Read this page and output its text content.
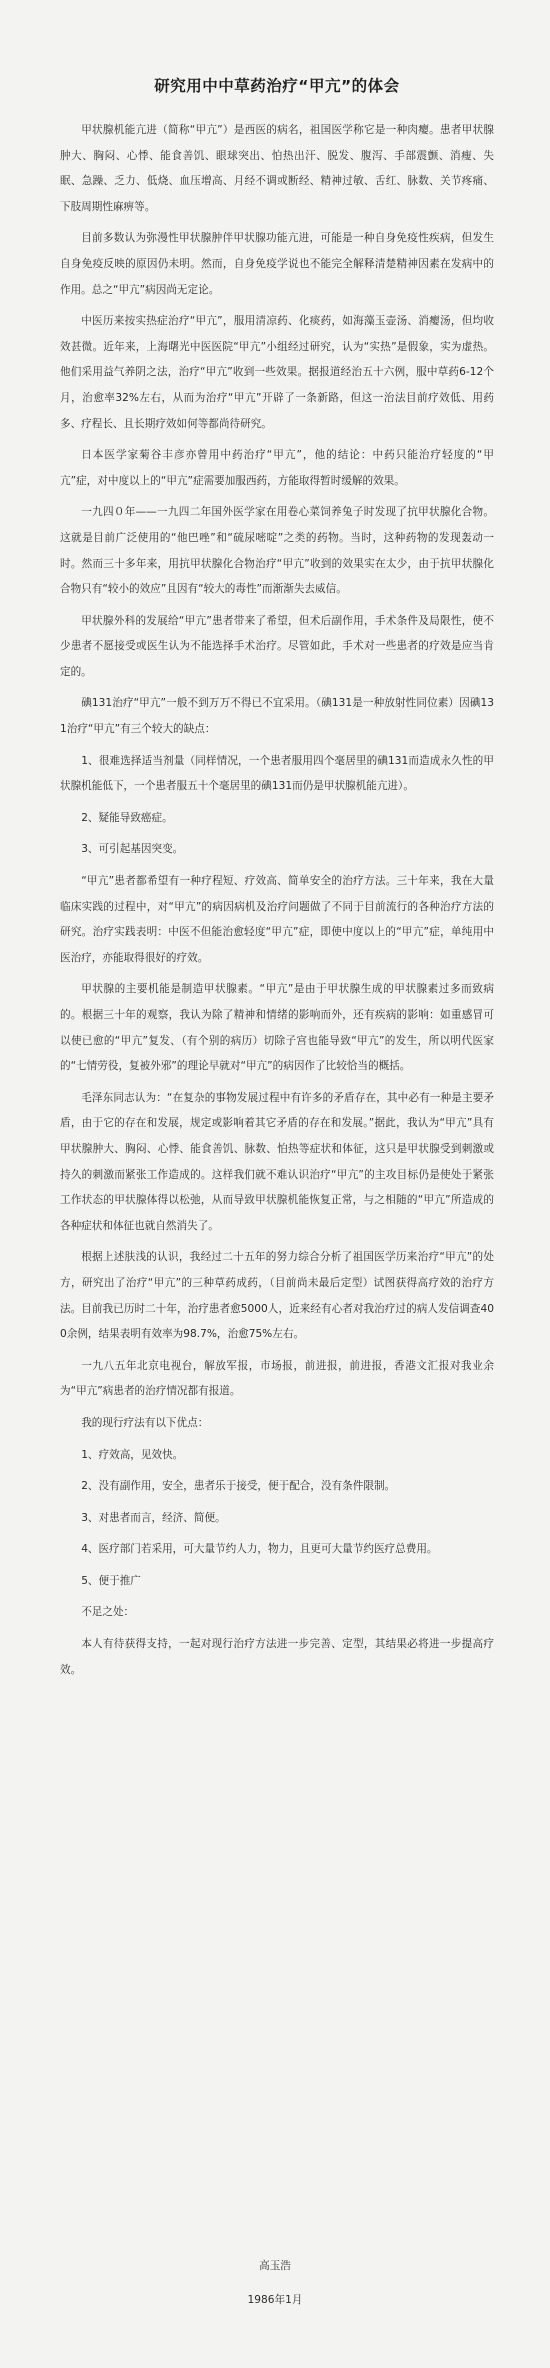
研究用中中草药治疗“甲亢”的体会

甲状腺机能亢进（简称“甲亢”）是西医的病名，祖国医学称它是一种肉瘿。患者甲状腺肿大、胸闷、心悸、能食善饥、眼球突出、怕热出汗、脱发、腹泻、手部震颤、消瘦、失眠、急躁、乏力、低烧、血压增高、月经不调或断经、精神过敏、舌红、脉数、关节疼痛、下肢周期性麻痹等。

目前多数认为弥漫性甲状腺肿伴甲状腺功能亢进，可能是一种自身免疫性疾病，但发生自身免疫反映的原因仍未明。然而，自身免疫学说也不能完全解释清楚精神因素在发病中的作用。总之“甲亢”病因尚无定论。

中医历来按实热症治疗“甲亢”，服用清凉药、化痰药，如海藻玉壶汤、消瘿汤，但均收效甚微。近年来，上海曙光中医医院“甲亢”小组经过研究，认为“实热”是假象，实为虚热。他们采用益气养阴之法，治疗“甲亢”收到一些效果。据报道经治五十六例，服中草药6-12个月，治愈率32%左右，从而为治疗“甲亢”开辟了一条新路，但这一治法目前疗效低、用药多、疗程长、且长期疗效如何等都尚待研究。

日本医学家菊谷丰彦亦曾用中药治疗“甲亢”，他的结论：中药只能治疗轻度的“甲亢”症，对中度以上的“甲亢”症需要加服西药，方能取得暂时缓解的效果。

一九四０年——一九四二年国外医学家在用卷心菜饲养兔子时发现了抗甲状腺化合物。这就是目前广泛使用的“他巴唑”和“硫尿嘧啶”之类的药物。当时，这种药物的发现轰动一时。然而三十多年来，用抗甲状腺化合物治疗“甲亢”收到的效果实在太少，由于抗甲状腺化合物只有“较小的效应”且因有“较大的毒性”而渐渐失去威信。

甲状腺外科的发展给“甲亢”患者带来了希望，但术后副作用，手术条件及局限性，使不少患者不愿接受或医生认为不能选择手术治疗。尽管如此，手术对一些患者的疗效是应当肯定的。

碘131治疗“甲亢”一般不到万万不得已不宜采用。（碘131是一种放射性同位素）因碘131治疗“甲亢”有三个较大的缺点：

1、很难选择适当剂量（同样情况，一个患者服用四个毫居里的碘131而造成永久性的甲状腺机能低下，一个患者服五十个毫居里的碘131而仍是甲状腺机能亢进）。

2、疑能导致癌症。

3、可引起基因突变。

“甲亢”患者都希望有一种疗程短、疗效高、简单安全的治疗方法。三十年来，我在大量临床实践的过程中，对“甲亢”的病因病机及治疗问题做了不同于目前流行的各种治疗方法的研究。治疗实践表明：中医不但能治愈轻度“甲亢”症，即使中度以上的“甲亢”症，单纯用中医治疗，亦能取得很好的疗效。

甲状腺的主要机能是制造甲状腺素。“甲亢”是由于甲状腺生成的甲状腺素过多而致病的。根据三十年的观察，我认为除了精神和情绪的影响而外，还有疾病的影响：如重感冒可以使已愈的“甲亢”复发、（有个别的病历）切除子宫也能导致“甲亢”的发生，所以明代医家的“七情劳役，复被外邪”的理论早就对“甲亢”的病因作了比较恰当的概括。

毛泽东同志认为：“在复杂的事物发展过程中有许多的矛盾存在，其中必有一种是主要矛盾，由于它的存在和发展，规定或影响着其它矛盾的存在和发展。”据此，我认为“甲亢”具有甲状腺肿大、胸闷、心悸、能食善饥、脉数、怕热等症状和体征，这只是甲状腺受到刺激或持久的刺激而紧张工作造成的。这样我们就不难认识治疗“甲亢”的主攻目标仍是使处于紧张工作状态的甲状腺体得以松弛，从而导致甲状腺机能恢复正常，与之相随的“甲亢”所造成的各种症状和体征也就自然消失了。

根据上述肤浅的认识，我经过二十五年的努力综合分析了祖国医学历来治疗“甲亢”的处方，研究出了治疗“甲亢”的三种草药成药，（目前尚未最后定型）试图获得高疗效的治疗方法。目前我已历时二十年，治疗患者愈5000人，近来经有心者对我治疗过的病人发信调查400余例，结果表明有效率为98.7%，治愈75%左右。

一九八五年北京电视台，解放军报，市场报，前进报，前进报，香港文汇报对我业余为“甲亢”病患者的治疗情况都有报道。

我的现行疗法有以下优点：

1、疗效高，见效快。

2、没有副作用，安全，患者乐于接受，便于配合，没有条件限制。

3、对患者而言，经济、简便。

4、医疗部门若采用，可大量节约人力，物力，且更可大量节约医疗总费用。

5、便于推广

不足之处：

本人有待获得支持，一起对现行治疗方法进一步完善、定型，其结果必将进一步提高疗效。

高玉浩
1986年1月
